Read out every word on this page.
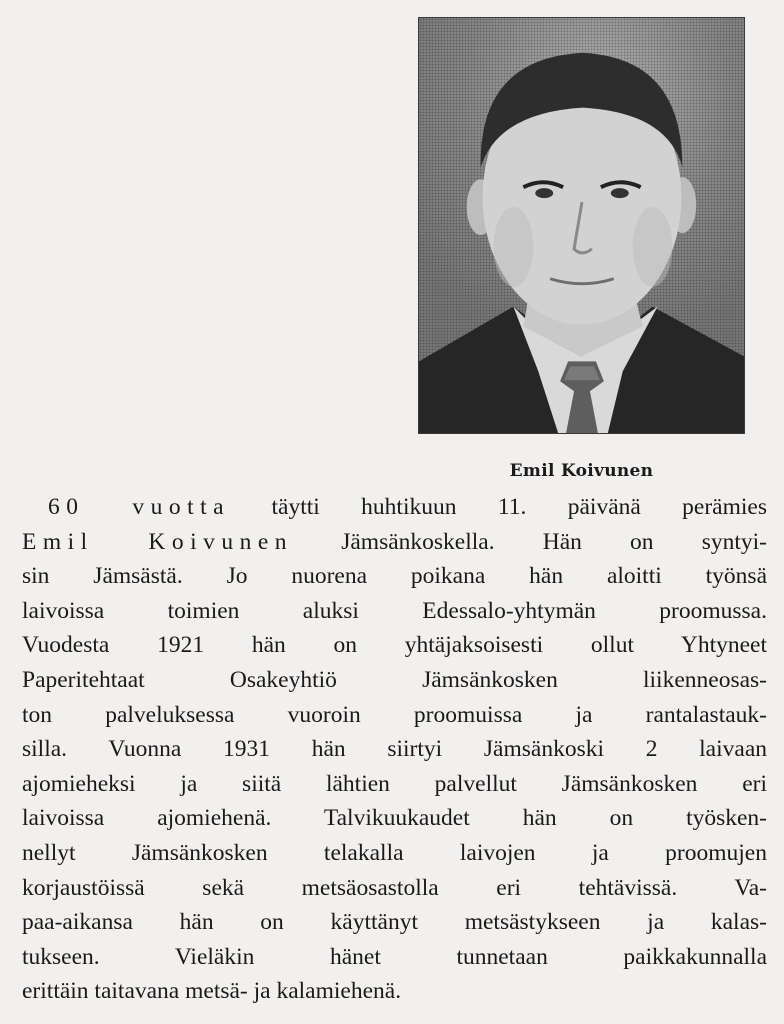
Emil Koivunen
60 vuotta täytti huhtikuun 11. päivänä perämies
Emil Koivunen Jämsänkoskella. Hän on syntyi-
sin Jämsästä. Jo nuorena poikana hän aloitti työnsä
laivoissa toimien aluksi Edessalo-yhtymän proomussa.
Vuodesta 1921 hän on yhtäjaksoisesti ollut Yhtyneet
Paperitehtaat Osakeyhtiö Jämsänkosken liikenneosas-
ton palveluksessa vuoroin proomuissa ja rantalastauk-
silla. Vuonna 1931 hän siirtyi Jämsänkoski 2 laivaan
ajomieheksi ja siitä lähtien palvellut Jämsänkosken eri
laivoissa ajomiehenä. Talvikuukaudet hän on työsken-
nellyt Jämsänkosken telakalla laivojen ja proomujen
korjaustöissä sekä metsäosastolla eri tehtävissä. Va-
paa-aikansa hän on käyttänyt metsästykseen ja kalas-
tukseen. Vieläkin hänet tunnetaan paikkakunnalla
erittäin taitavana metsä- ja kalamiehenä.
